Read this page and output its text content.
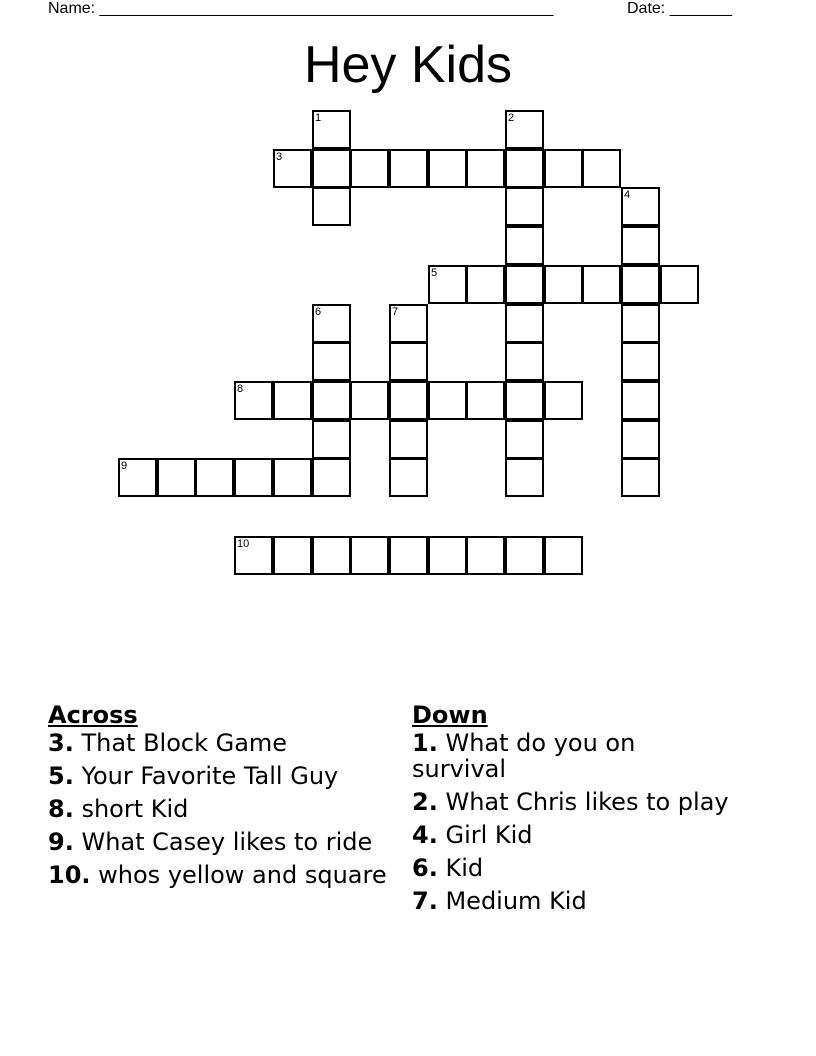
Name: ___________________________________________________	Date: _______
Hey Kids
1	2
3
4
5
6	7
8
9
10
Across
3. That Block Game
5. Your Favorite Tall Guy
8. short Kid
9. What Casey likes to ride
10. whos yellow and square
Down
1. What do you on survival
2. What Chris likes to play
4. Girl Kid
6. Kid
7. Medium Kid
